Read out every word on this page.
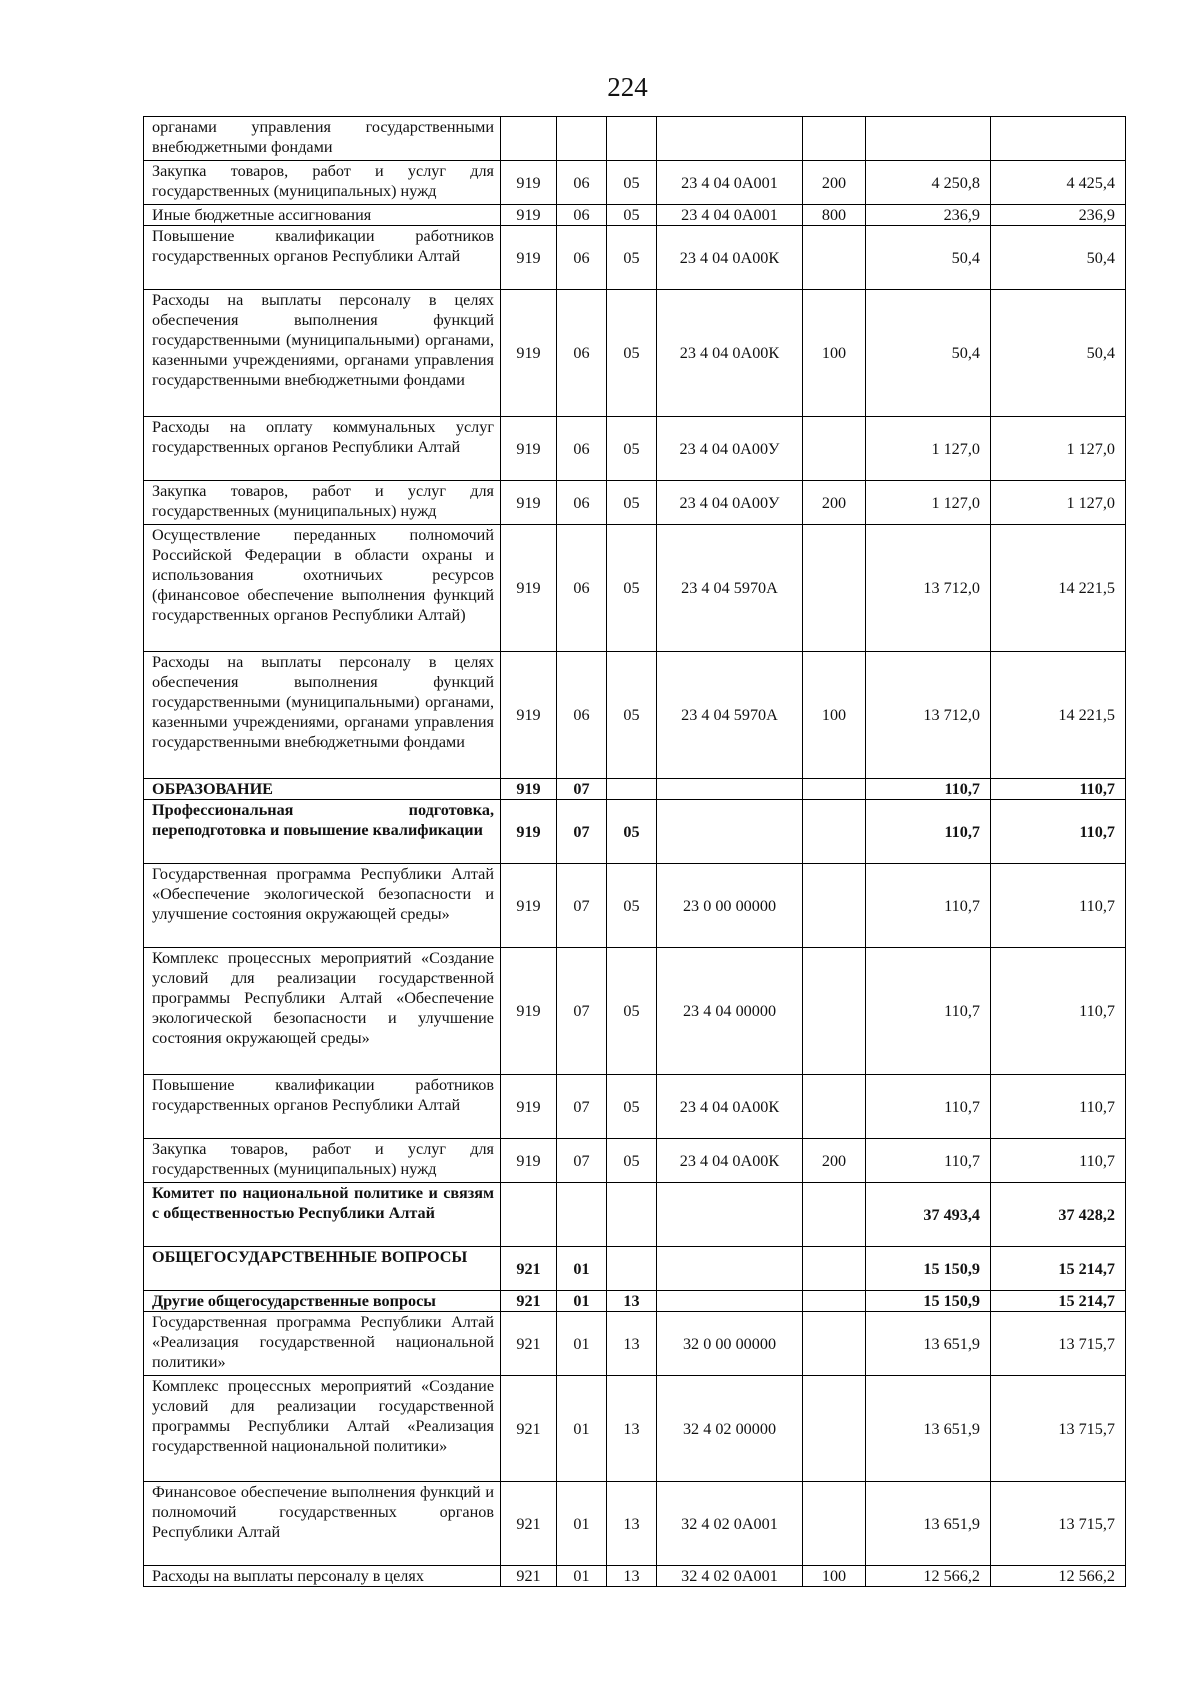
224
органами управления государственными внебюджетными фондами							
Закупка товаров, работ и услуг для государственных (муниципальных) нужд	919	06	05	23 4 04 0А001	200	4 250,8	4 425,4
Иные бюджетные ассигнования	919	06	05	23 4 04 0А001	800	236,9	236,9
Повышение квалификации работников государственных органов Республики Алтай	919	06	05	23 4 04 0А00К		50,4	50,4
Расходы на выплаты персоналу в целях обеспечения выполнения функций государственными (муниципальными) органами, казенными учреждениями, органами управления государственными внебюджетными фондами	919	06	05	23 4 04 0А00К	100	50,4	50,4
Расходы на оплату коммунальных услуг государственных органов Республики Алтай	919	06	05	23 4 04 0А00У		1 127,0	1 127,0
Закупка товаров, работ и услуг для государственных (муниципальных) нужд	919	06	05	23 4 04 0А00У	200	1 127,0	1 127,0
Осуществление переданных полномочий Российской Федерации в области охраны и использования охотничьих ресурсов (финансовое обеспечение выполнения функций государственных органов Республики Алтай)	919	06	05	23 4 04 5970А		13 712,0	14 221,5
Расходы на выплаты персоналу в целях обеспечения выполнения функций государственными (муниципальными) органами, казенными учреждениями, органами управления государственными внебюджетными фондами	919	06	05	23 4 04 5970А	100	13 712,0	14 221,5
ОБРАЗОВАНИЕ	919	07				110,7	110,7
Профессиональная подготовка, переподготовка и повышение квалификации	919	07	05			110,7	110,7
Государственная программа Республики Алтай «Обеспечение экологической безопасности и улучшение состояния окружающей среды»	919	07	05	23 0 00 00000		110,7	110,7
Комплекс процессных мероприятий «Создание условий для реализации государственной программы Республики Алтай «Обеспечение экологической безопасности и улучшение состояния окружающей среды»	919	07	05	23 4 04 00000		110,7	110,7
Повышение квалификации работников государственных органов Республики Алтай	919	07	05	23 4 04 0А00К		110,7	110,7
Закупка товаров, работ и услуг для государственных (муниципальных) нужд	919	07	05	23 4 04 0А00К	200	110,7	110,7
Комитет по национальной политике и связям с общественностью Республики Алтай						37 493,4	37 428,2
ОБЩЕГОСУДАРСТВЕННЫЕ ВОПРОСЫ	921	01				15 150,9	15 214,7
Другие общегосударственные вопросы	921	01	13			15 150,9	15 214,7
Государственная программа Республики Алтай «Реализация государственной национальной политики»	921	01	13	32 0 00 00000		13 651,9	13 715,7
Комплекс процессных мероприятий «Создание условий для реализации государственной программы Республики Алтай «Реализация государственной национальной политики»	921	01	13	32 4 02 00000		13 651,9	13 715,7
Финансовое обеспечение выполнения функций и полномочий государственных органов Республики Алтай	921	01	13	32 4 02 0А001		13 651,9	13 715,7
Расходы на выплаты персоналу в целях	921	01	13	32 4 02 0А001	100	12 566,2	12 566,2
